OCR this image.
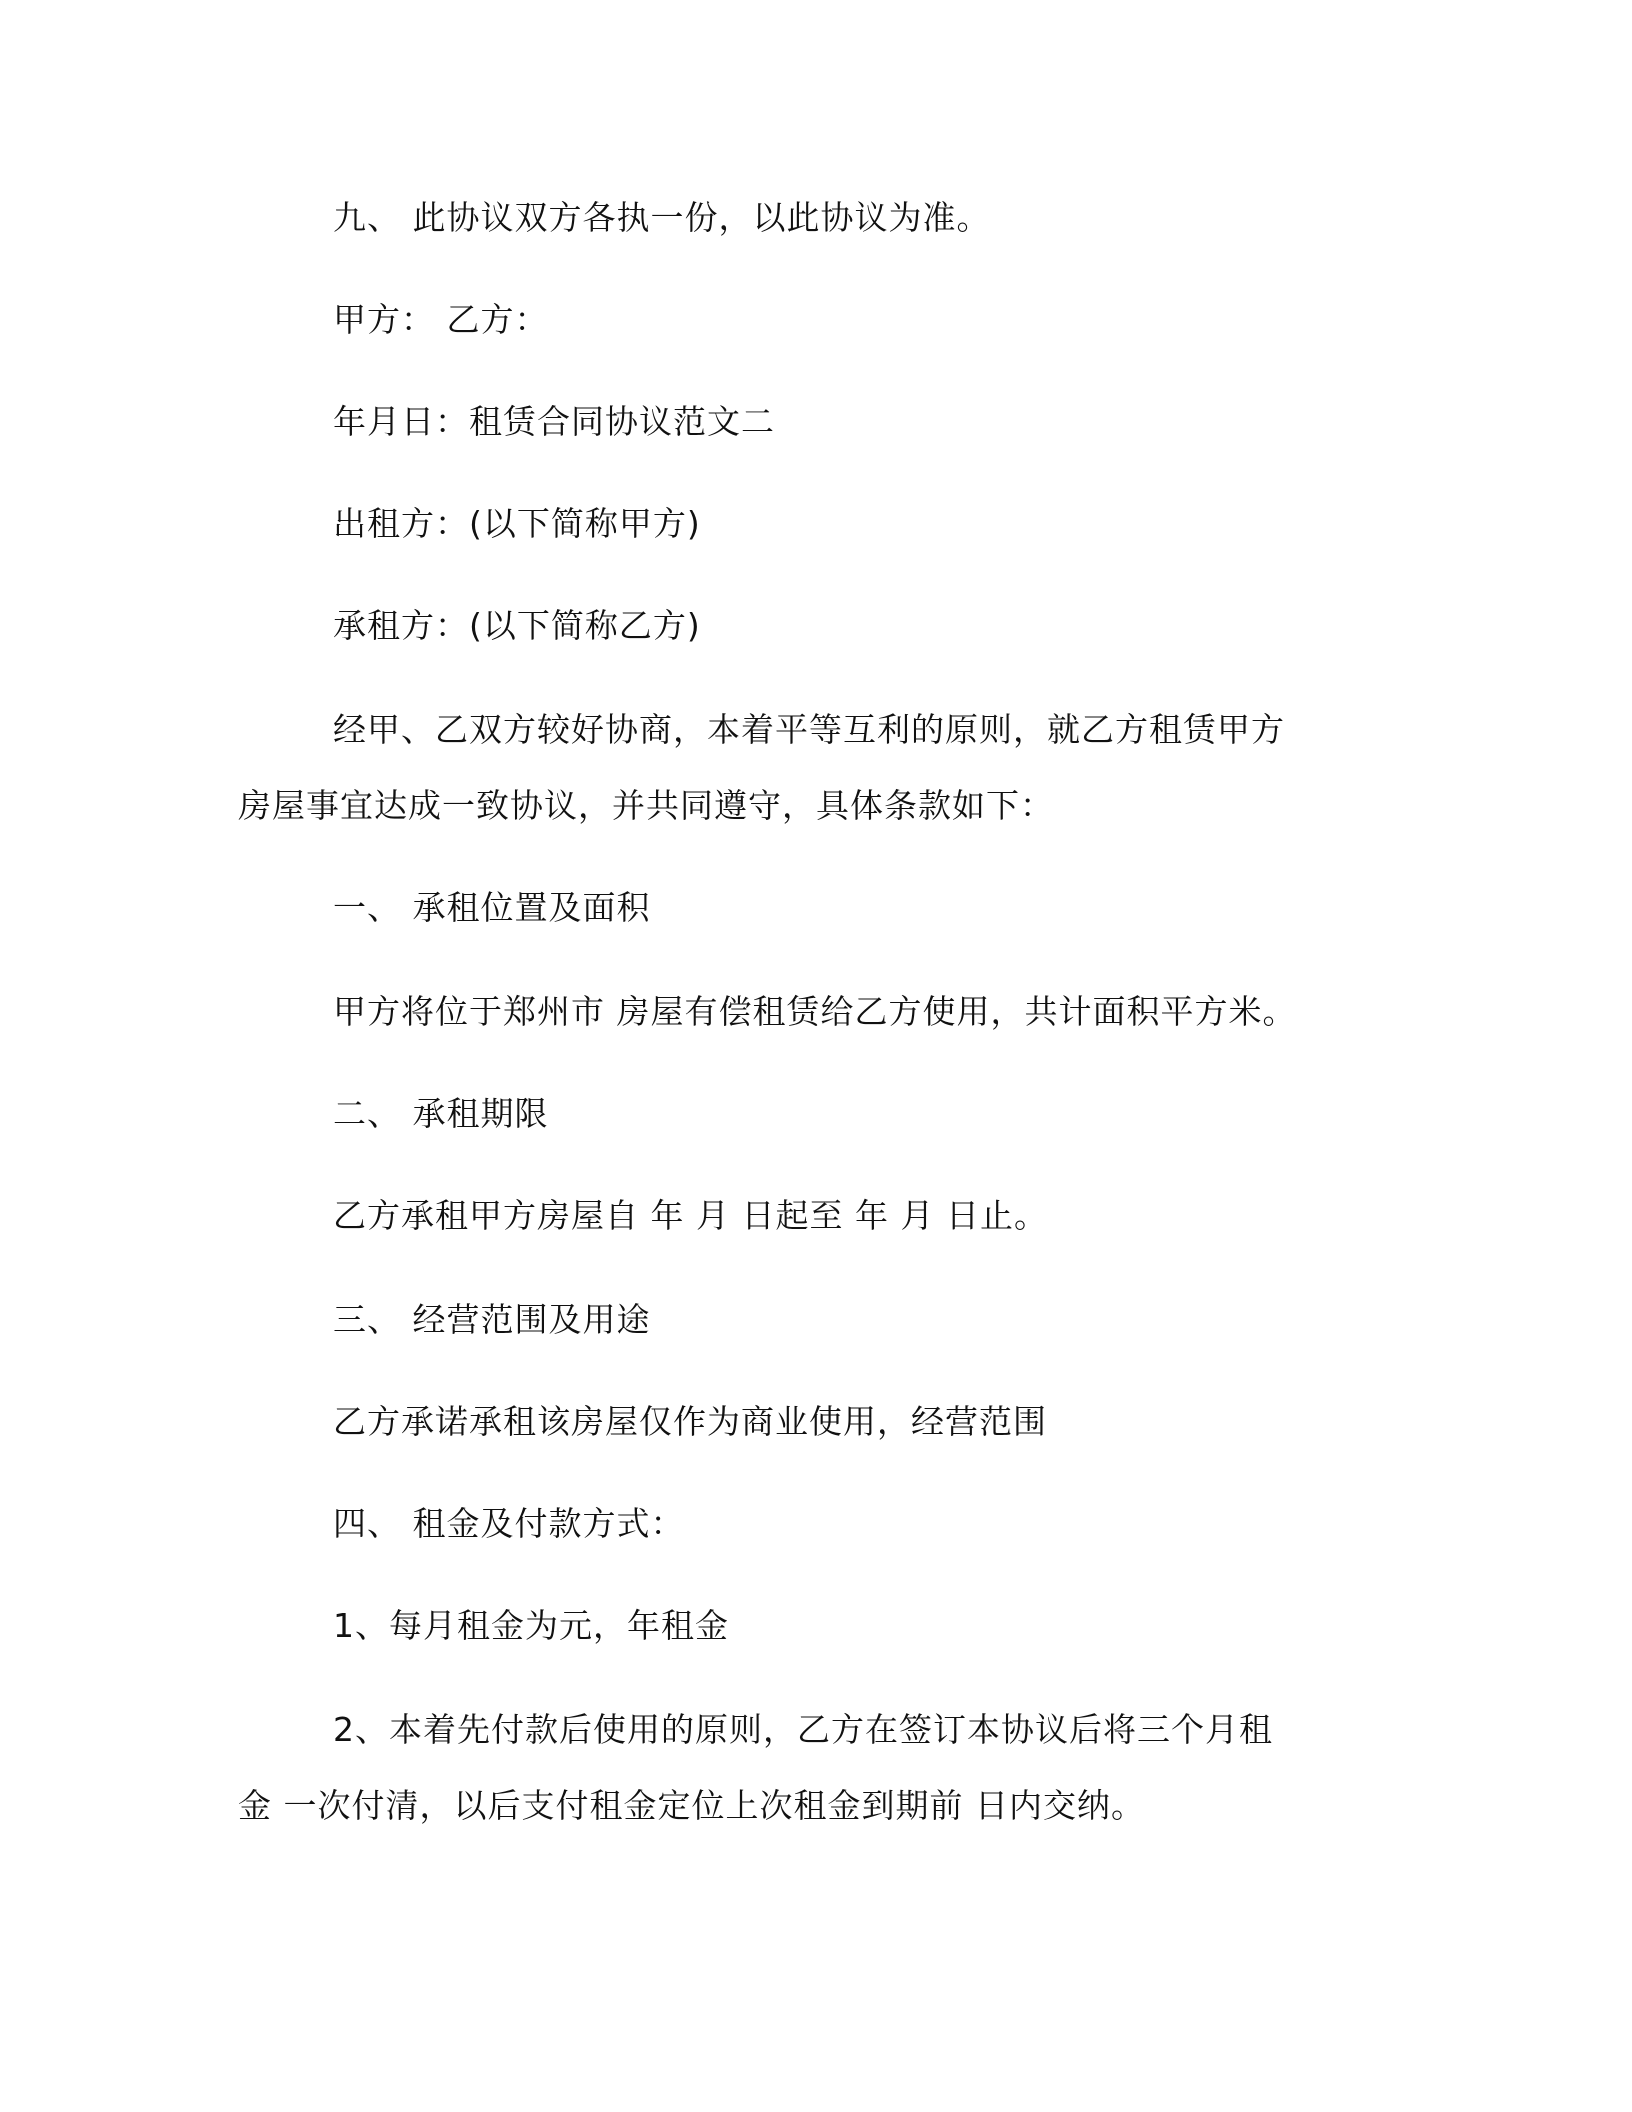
九、 此协议双方各执一份，以此协议为准。
甲方： 乙方：
年月日：租赁合同协议范文二
出租方：(以下简称甲方)
承租方：(以下简称乙方)
经甲、乙双方较好协商，本着平等互利的原则，就乙方租赁甲方
房屋事宜达成一致协议，并共同遵守，具体条款如下：
一、 承租位置及面积
甲方将位于郑州市 房屋有偿租赁给乙方使用，共计面积平方米。
二、 承租期限
乙方承租甲方房屋自 年 月 日起至 年 月 日止。
三、 经营范围及用途
乙方承诺承租该房屋仅作为商业使用，经营范围
四、 租金及付款方式：
1、每月租金为元，年租金
2、本着先付款后使用的原则，乙方在签订本协议后将三个月租
金 一次付清，以后支付租金定位上次租金到期前 日内交纳。
